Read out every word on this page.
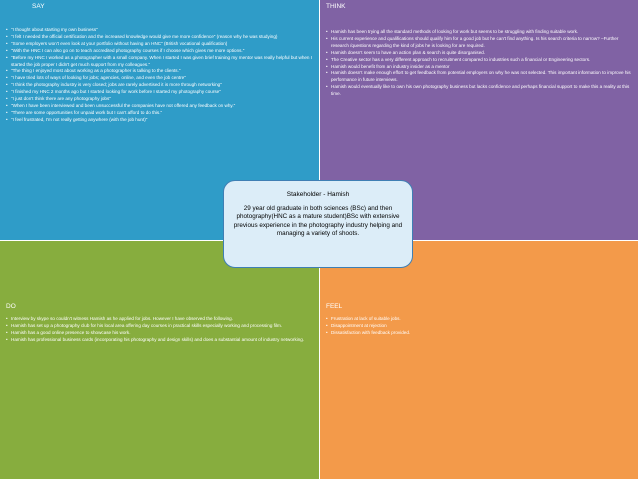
SAY
• "I thought about starting my own business"
• "I felt I needed the official certification and the increased knowledge would give me more confidence" (reason why he was studying)
• "Some employers won't even look at your portfolio without having an HNC" (British vocational qualification)
• "With the HNC I can also go on to teach accredited photography courses if I choose which gives me more options."
• "Before my HNC I worked as a photographer with a small company. When I started I was given brief training my mentor was really helpful but when I started the job proper I didn't get much support from my colleagues."
• "The thing I enjoyed most about working as a photographer is talking to the clients."
• "I have tried lots of ways of looking for jobs; agencies, online, and even the job centre"
• "I think the photography industry is very closed; jobs are rarely advertised it is more through networking"
• "I finished my HNC 2 months ago but I started looking for work before I started my photography course"
• "I just don't think there are any photography jobs"
• "When I have been interviewed and been unsuccessful the companies have not offered any feedback on why."
• "There are some opportunities for unpaid work but I can't afford to do this."
• "I feel frustrated, I'm not really getting anywhere (with the job hunt)"
THINK
• Hamish has been trying all the standard methods of looking for work but seems to be struggling with finding suitable work.
• His current experience and qualifications should qualify him for a good job but he can't find anything. Is his search criteria to narrow? –Further research /questions regarding the kind of jobs he is looking for are required.
• Hamish doesn't seem to have an action plan & search is quite disorganised.
• The Creative sector has a very different approach to recruitment compared to industries such a financial or Engineering sectors.
• Hamish would benefit from an industry insider as a mentor
• Hamish doesn't make enough effort to get feedback from potential employers on why he was not selected. This important information to improve his performance in future interviews.
• Hamish would eventually like to own his own photography business but lacks confidence and perhaps financial support to make this a reality at this time.
DO
• Interview by skype so couldn't witness Hamish as he applied for jobs. However I have observed the following.
• Hamish has set up a photography club for his local area offering day courses in practical skills especially working and processing film.
• Hamish has a good online presence to showcase his work.
• Hamish has professional business cards (incorporating his photography and design skills) and does a substantial amount of industry networking.
FEEL
• Frustration at lack of suitable jobs.
• Disappointment at rejection
• Dissatisfaction with feedback provided.
Stakeholder - Hamish
29 year old graduate in both sciences (BSc) and then photography(HNC as a mature student)BSc with extensive previous experience in the photography industry helping and managing a variety of shoots.
